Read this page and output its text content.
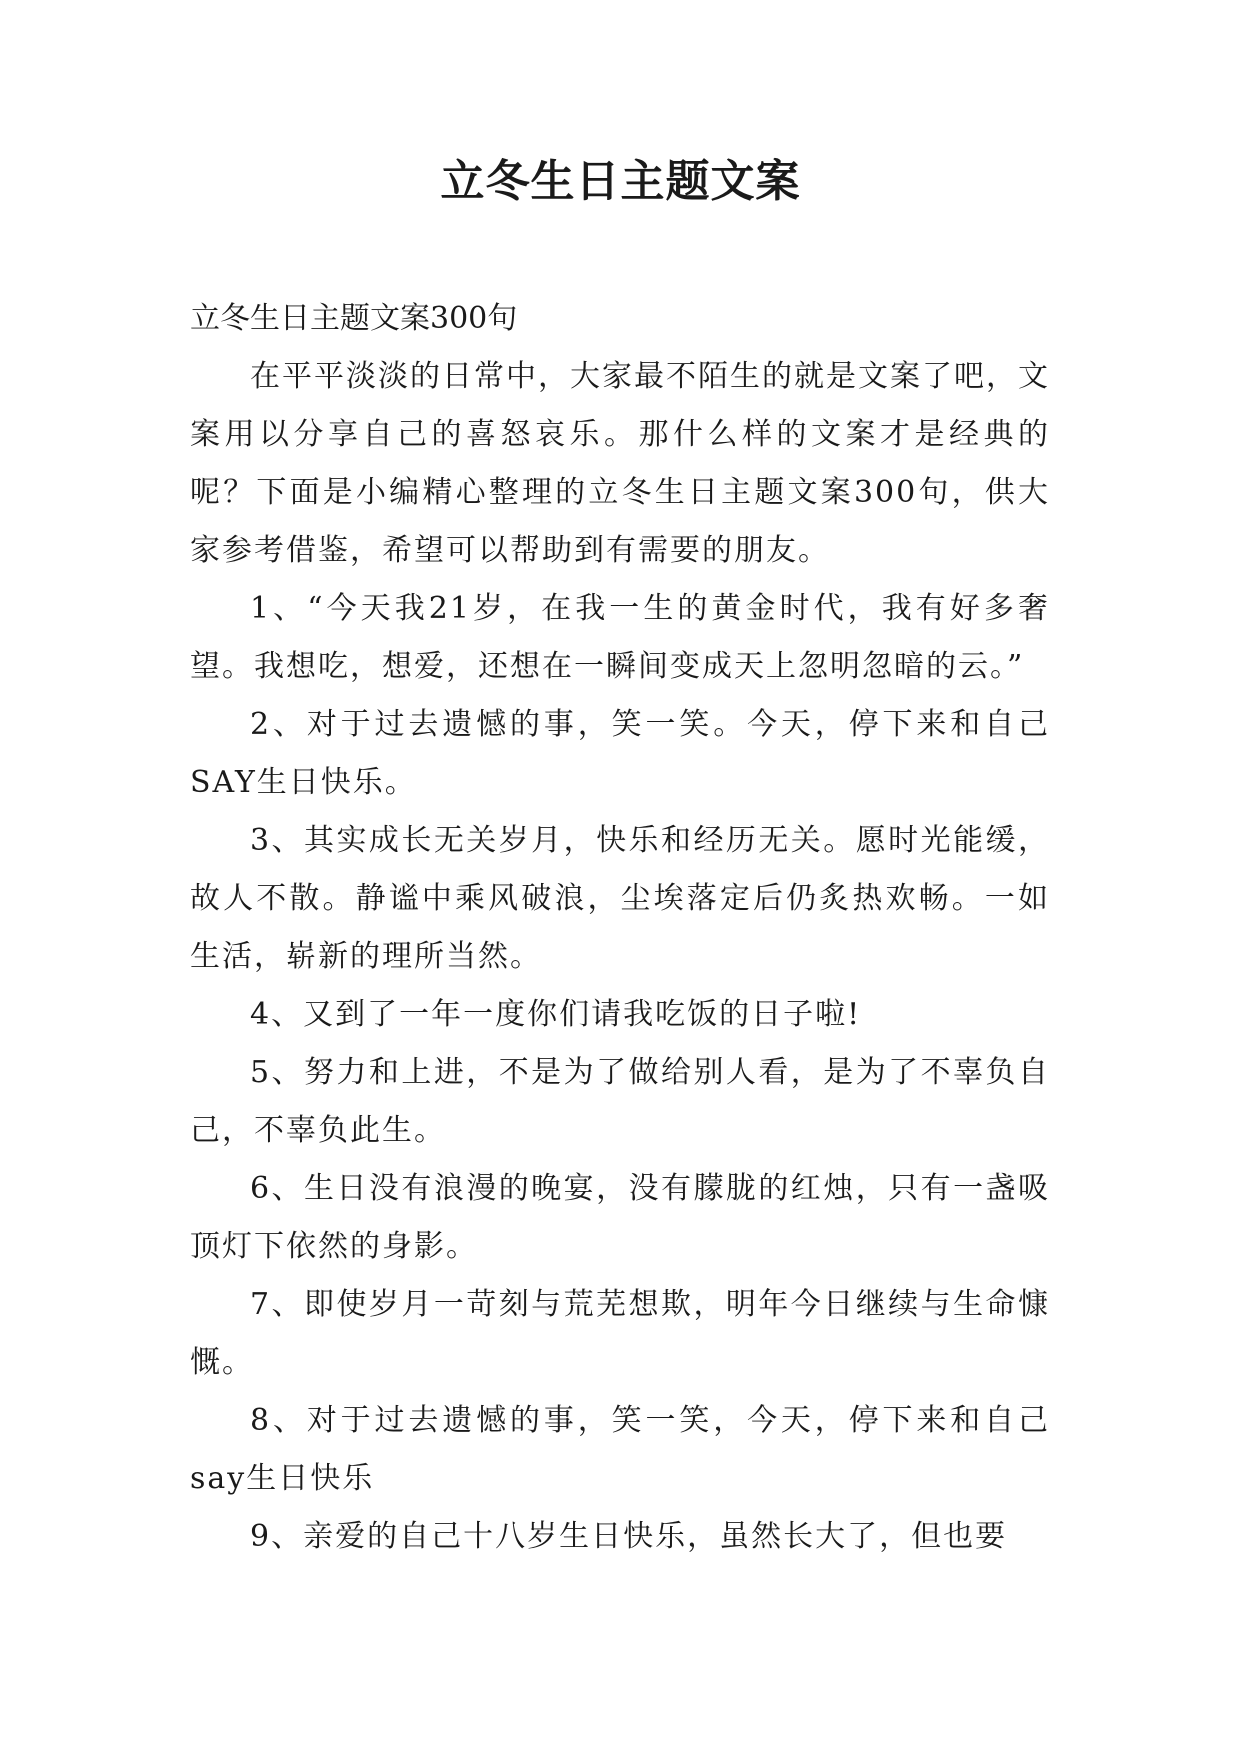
立冬生日主题文案

立冬生日主题文案300句

在平平淡淡的日常中，大家最不陌生的就是文案了吧，文案用以分享自己的喜怒哀乐。那什么样的文案才是经典的呢？下面是小编精心整理的立冬生日主题文案300句，供大家参考借鉴，希望可以帮助到有需要的朋友。

1、“今天我21岁，在我一生的黄金时代，我有好多奢望。我想吃，想爱，还想在一瞬间变成天上忽明忽暗的云。”

2、对于过去遗憾的事，笑一笑。今天，停下来和自己SAY生日快乐。

3、其实成长无关岁月，快乐和经历无关。愿时光能缓，故人不散。静谧中乘风破浪，尘埃落定后仍炙热欢畅。一如生活，崭新的理所当然。

4、又到了一年一度你们请我吃饭的日子啦!

5、努力和上进，不是为了做给别人看，是为了不辜负自己，不辜负此生。

6、生日没有浪漫的晚宴，没有朦胧的红烛，只有一盏吸顶灯下依然的身影。

7、即使岁月一苛刻与荒芜想欺，明年今日继续与生命慷慨。

8、对于过去遗憾的事，笑一笑，今天，停下来和自己say生日快乐

9、亲爱的自己十八岁生日快乐，虽然长大了，但也要
